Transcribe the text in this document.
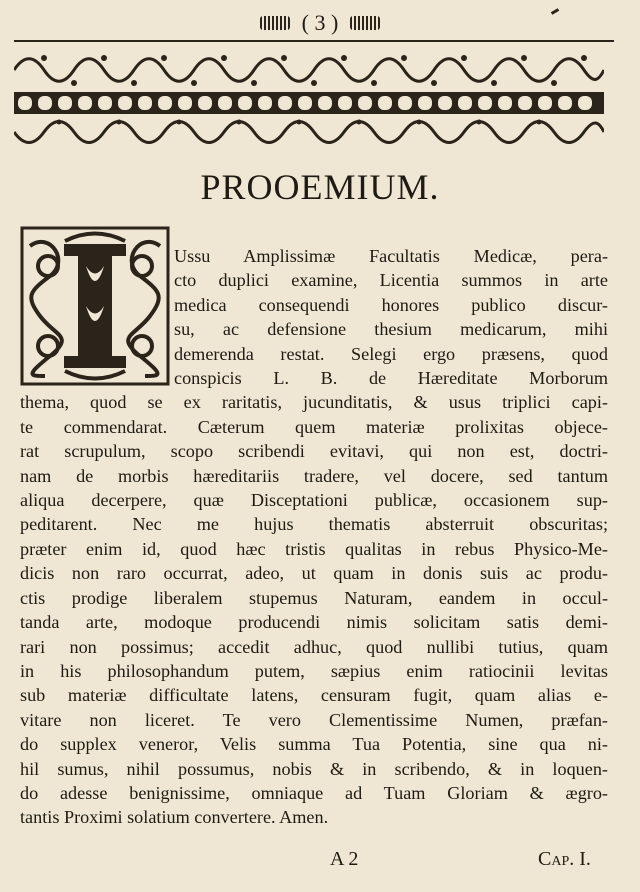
( 3 )
PROOEMIUM.
Ussu Amplissimæ Facultatis Medicæ, pera-
cto duplici examine, Licentia summos in arte
medica consequendi honores publico discur-
su, ac defensione thesium medicarum, mihi
demerenda restat. Selegi ergo præsens, quod
conspicis L. B. de Hæreditate Morborum
thema, quod se ex raritatis, jucunditatis, & usus triplici capi-
te commendarat. Cæterum quem materiæ prolixitas objece-
rat scrupulum, scopo scribendi evitavi, qui non est, doctri-
nam de morbis hæreditariis tradere, vel docere, sed tantum
aliqua decerpere, quæ Disceptationi publicæ, occasionem sup-
peditarent. Nec me hujus thematis absterruit obscuritas;
præter enim id, quod hæc tristis qualitas in rebus Physico-Me-
dicis non raro occurrat, adeo, ut quam in donis suis ac produ-
ctis prodige liberalem stupemus Naturam, eandem in occul-
tanda arte, modoque producendi nimis solicitam satis demi-
rari non possimus; accedit adhuc, quod nullibi tutius, quam
in his philosophandum putem, sæpius enim ratiocinii levitas
sub materiæ difficultate latens, censuram fugit, quam alias e-
vitare non liceret. Te vero Clementissime Numen, præfan-
do supplex veneror, Velis summa Tua Potentia, sine qua ni-
hil sumus, nihil possumus, nobis & in scribendo, & in loquen-
do adesse benignissime, omniaque ad Tuam Gloriam & ægro-
tantis Proximi solatium convertere. Amen.
A 2	Cap. I.
